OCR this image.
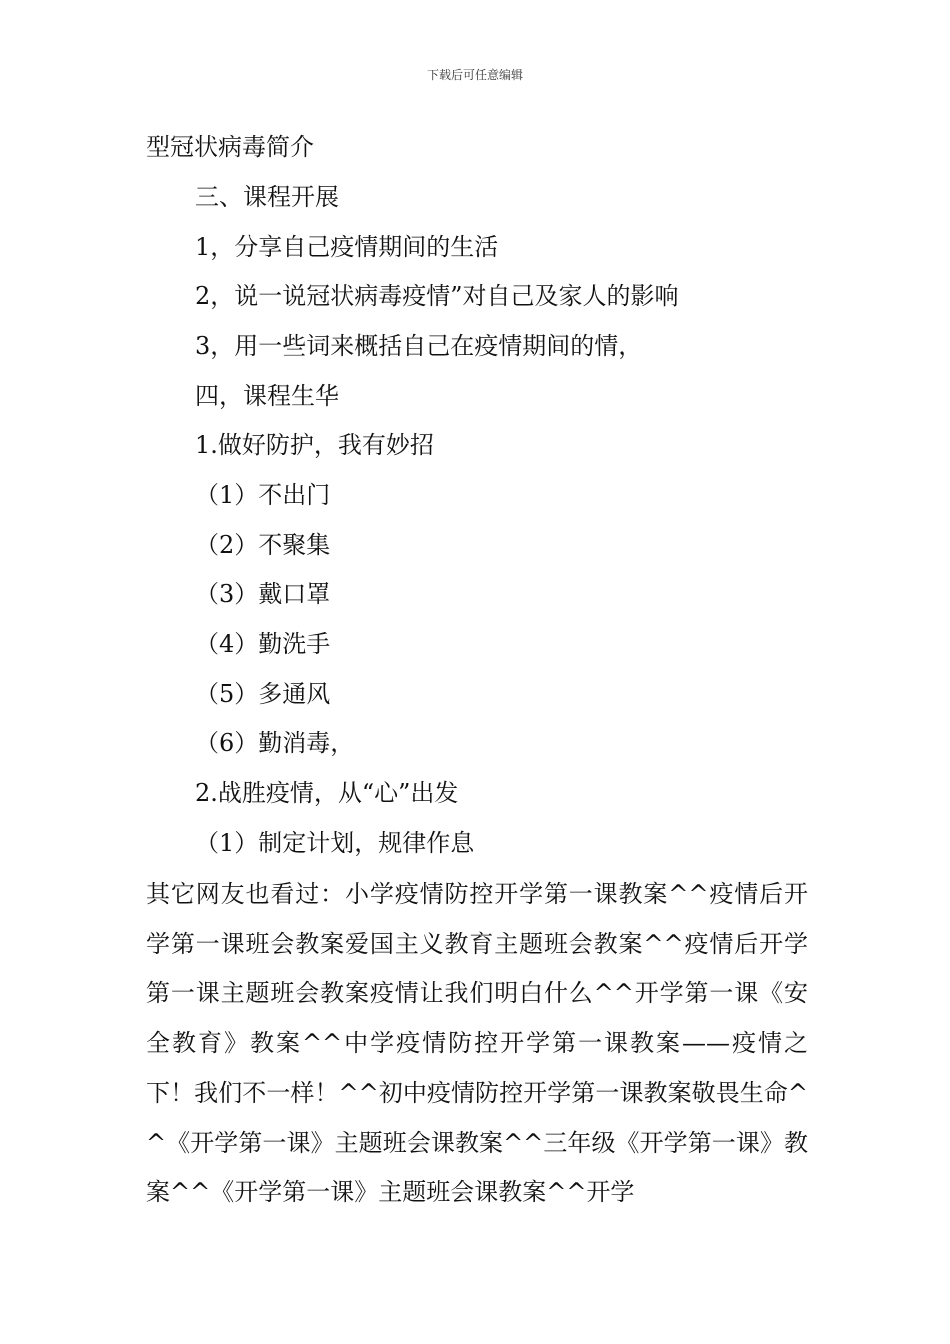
下载后可任意编辑
型冠状病毒简介
三、课程开展
1，分享自己疫情期间的生活
2，说一说冠状病毒疫情”对自己及家人的影响
3，用一些词来概括自己在疫情期间的情，
四，课程生华
1.做好防护，我有妙招
（1）不出门
（2）不聚集
（3）戴口罩
（4）勤洗手
（5）多通风
（6）勤消毒，
2.战胜疫情，从“心”出发
（1）制定计划，规律作息
其它网友也看过：小学疫情防控开学第一课教案^^疫情后开学第一课班会教案爱国主义教育主题班会教案^^疫情后开学第一课主题班会教案疫情让我们明白什么^^开学第一课《安全教育》教案^^中学疫情防控开学第一课教案——疫情之下！我们不一样！^^初中疫情防控开学第一课教案敬畏生命^^《开学第一课》主题班会课教案^^三年级《开学第一课》教案^^《开学第一课》主题班会课教案^^开学
